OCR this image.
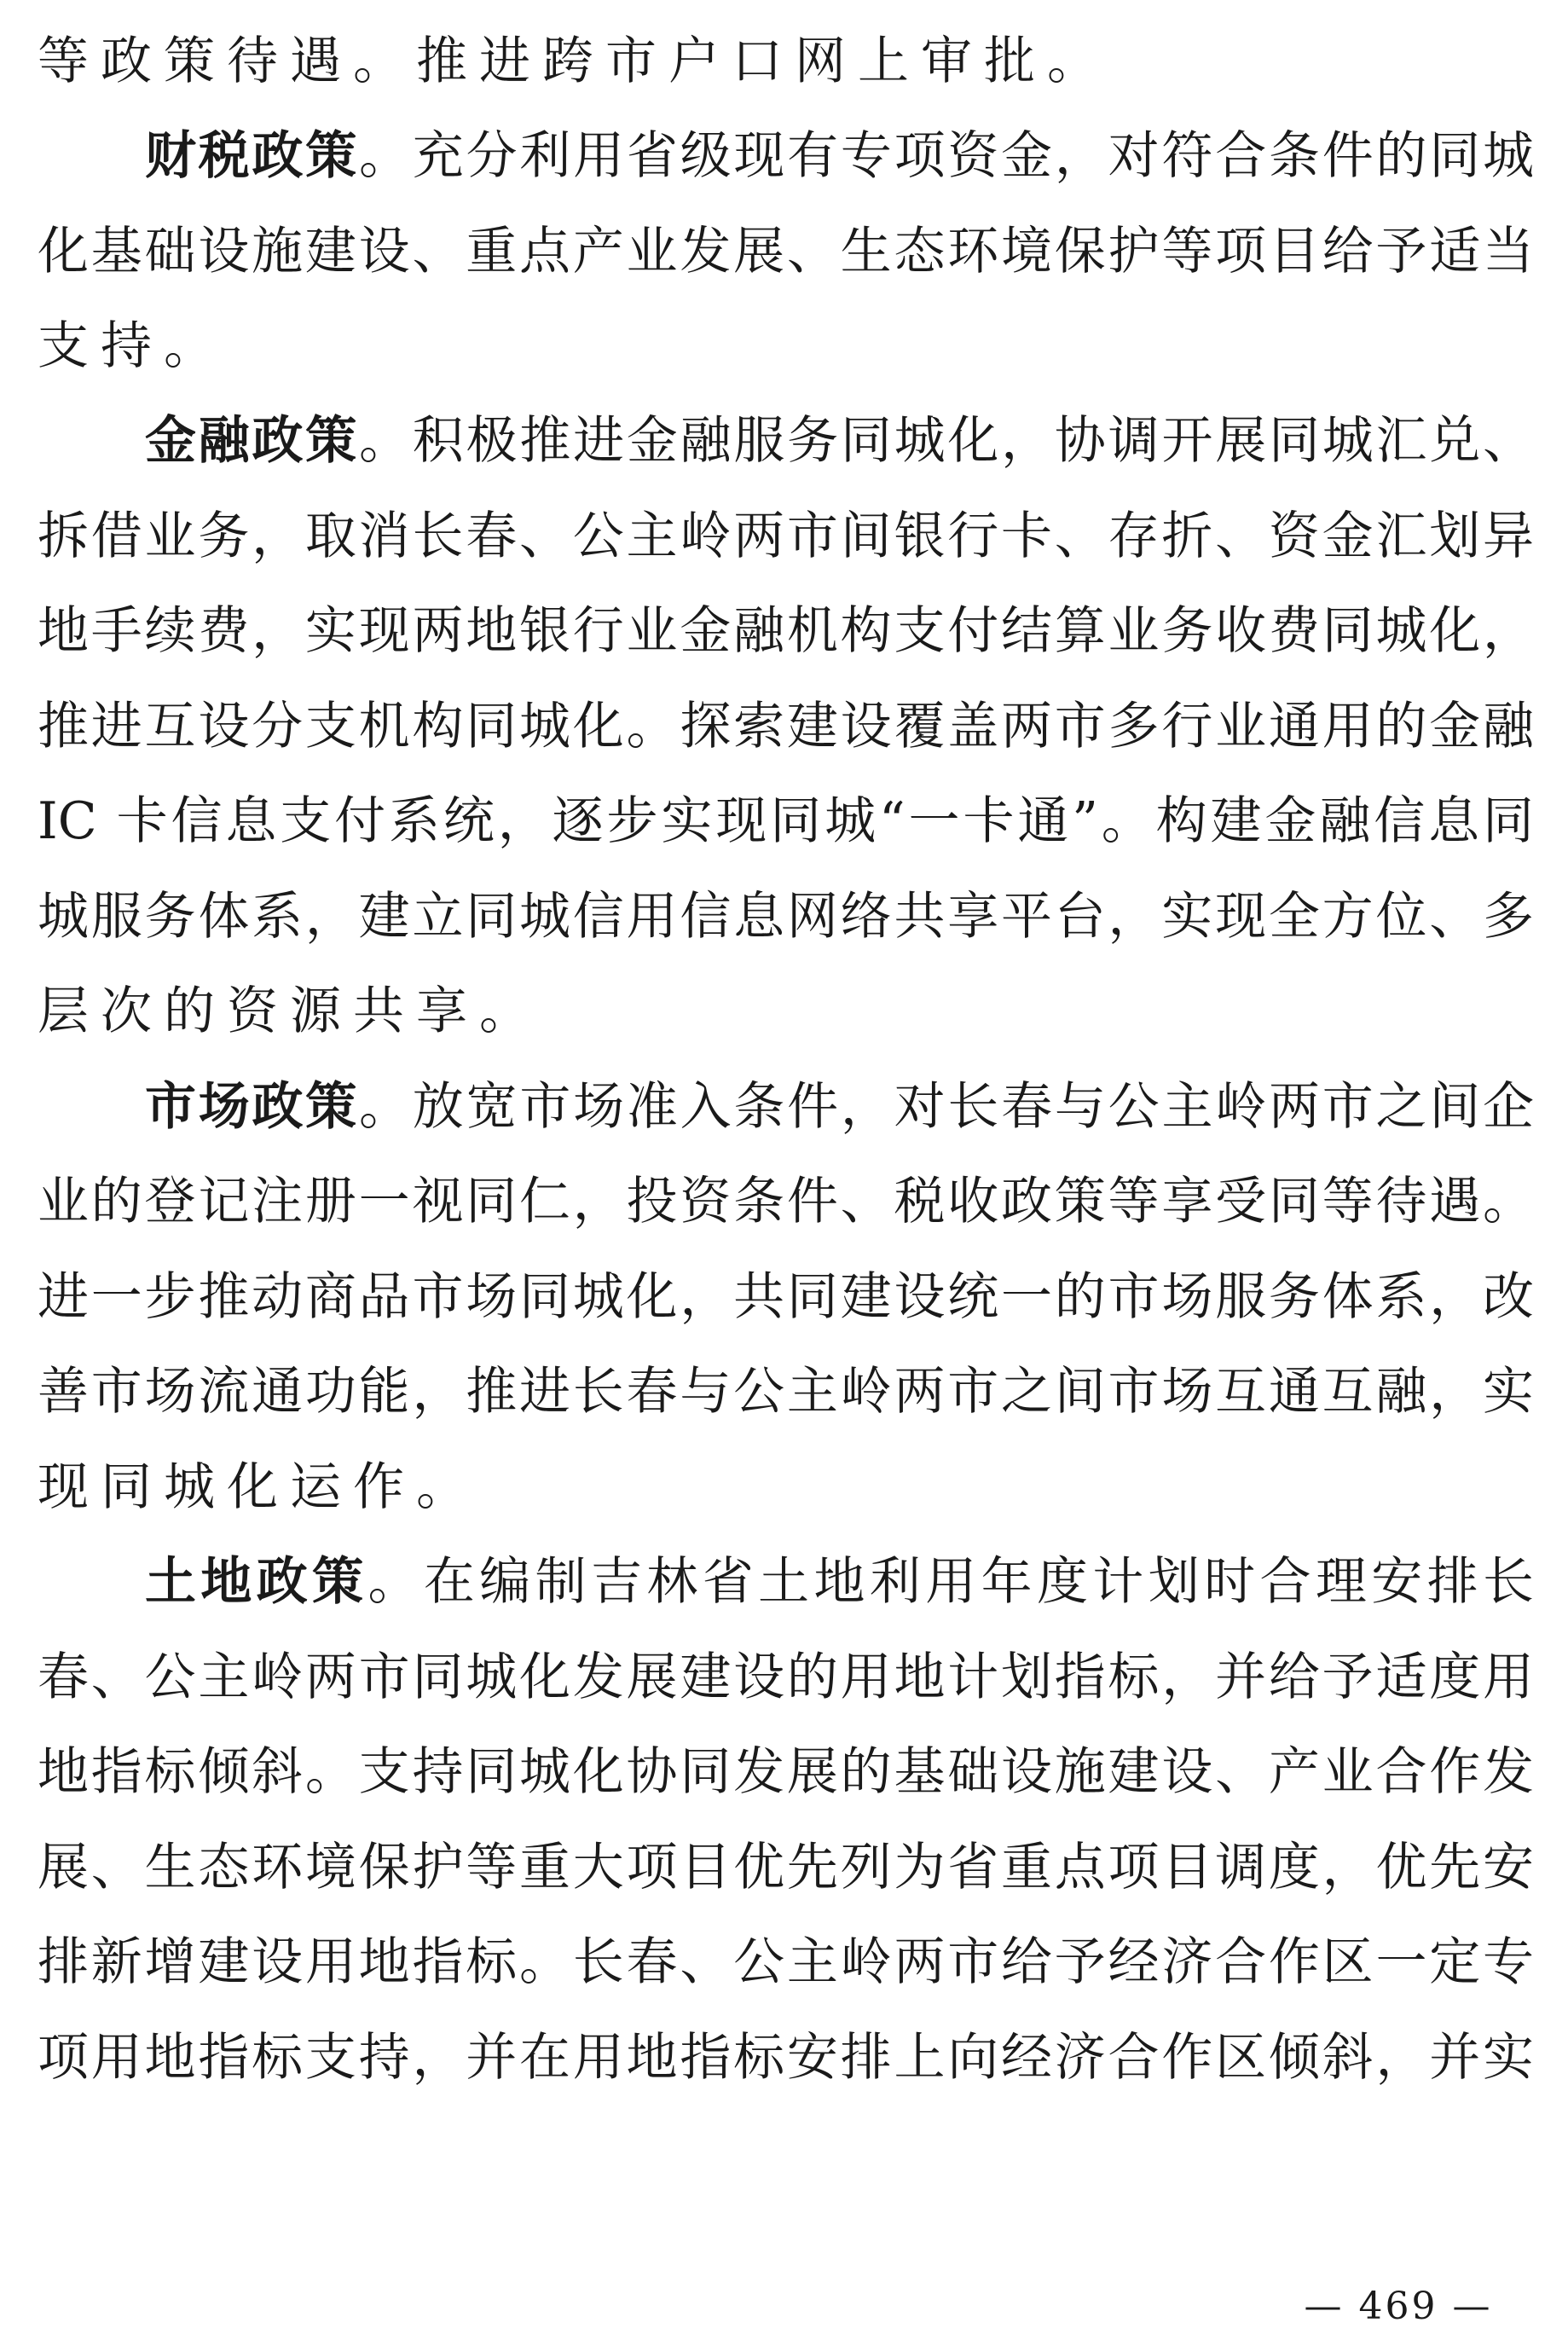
等政策待遇。推进跨市户口网上审批。
财税政策。充分利用省级现有专项资金，对符合条件的同城
化基础设施建设、重点产业发展、生态环境保护等项目给予适当
支持。
金融政策。积极推进金融服务同城化，协调开展同城汇兑、
拆借业务，取消长春、公主岭两市间银行卡、存折、资金汇划异
地手续费，实现两地银行业金融机构支付结算业务收费同城化，
推进互设分支机构同城化。探索建设覆盖两市多行业通用的金融
IC 卡信息支付系统，逐步实现同城“一卡通”。构建金融信息同
城服务体系，建立同城信用信息网络共享平台，实现全方位、多
层次的资源共享。
市场政策。放宽市场准入条件，对长春与公主岭两市之间企
业的登记注册一视同仁，投资条件、税收政策等享受同等待遇。
进一步推动商品市场同城化，共同建设统一的市场服务体系，改
善市场流通功能，推进长春与公主岭两市之间市场互通互融，实
现同城化运作。
土地政策。在编制吉林省土地利用年度计划时合理安排长
春、公主岭两市同城化发展建设的用地计划指标，并给予适度用
地指标倾斜。支持同城化协同发展的基础设施建设、产业合作发
展、生态环境保护等重大项目优先列为省重点项目调度，优先安
排新增建设用地指标。长春、公主岭两市给予经济合作区一定专
项用地指标支持，并在用地指标安排上向经济合作区倾斜，并实
— 469 —
